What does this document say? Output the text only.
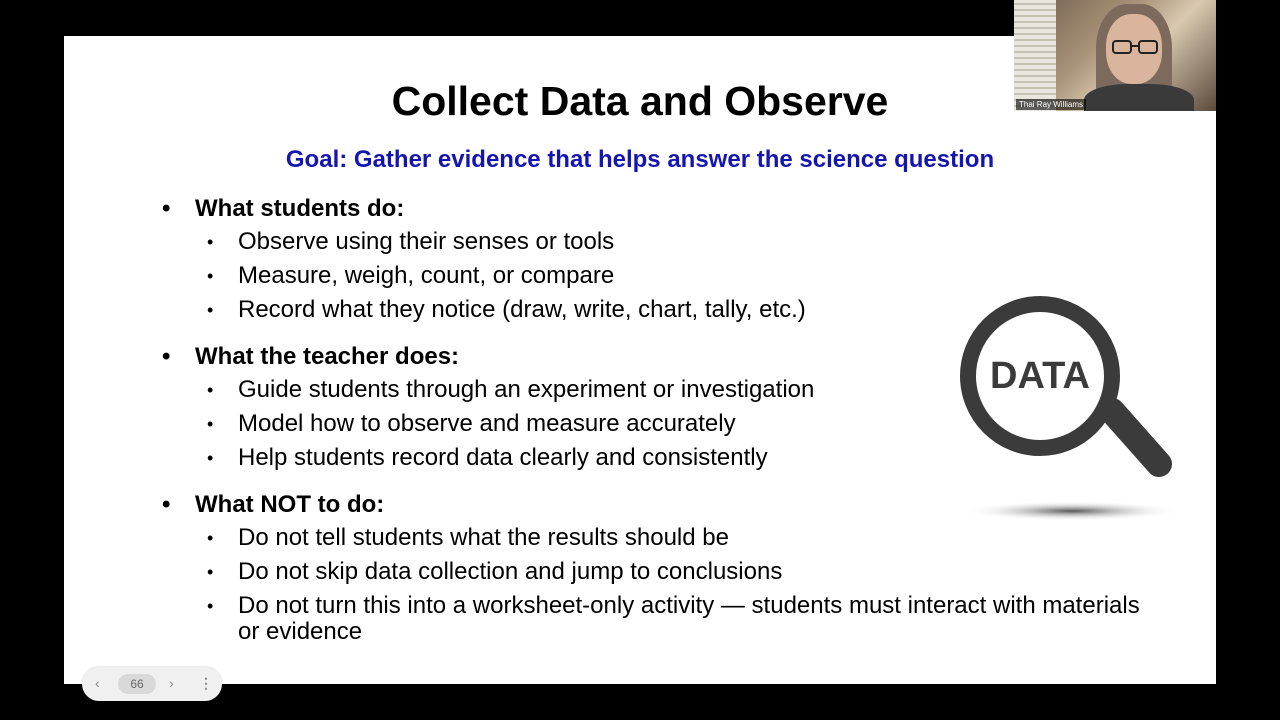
Collect Data and Observe
Goal: Gather evidence that helps answer the science question
• What students do:
• Observe using their senses or tools
• Measure, weigh, count, or compare
• Record what they notice (draw, write, chart, tally, etc.)
• What the teacher does:
• Guide students through an experiment or investigation
• Model how to observe and measure accurately
• Help students record data clearly and consistently
• What NOT to do:
• Do not tell students what the results should be
• Do not skip data collection and jump to conclusions
• Do not turn this into a worksheet-only activity — students must interact with materials or evidence
DATA
Thai Ray Williams
‹	66	› ⋮
